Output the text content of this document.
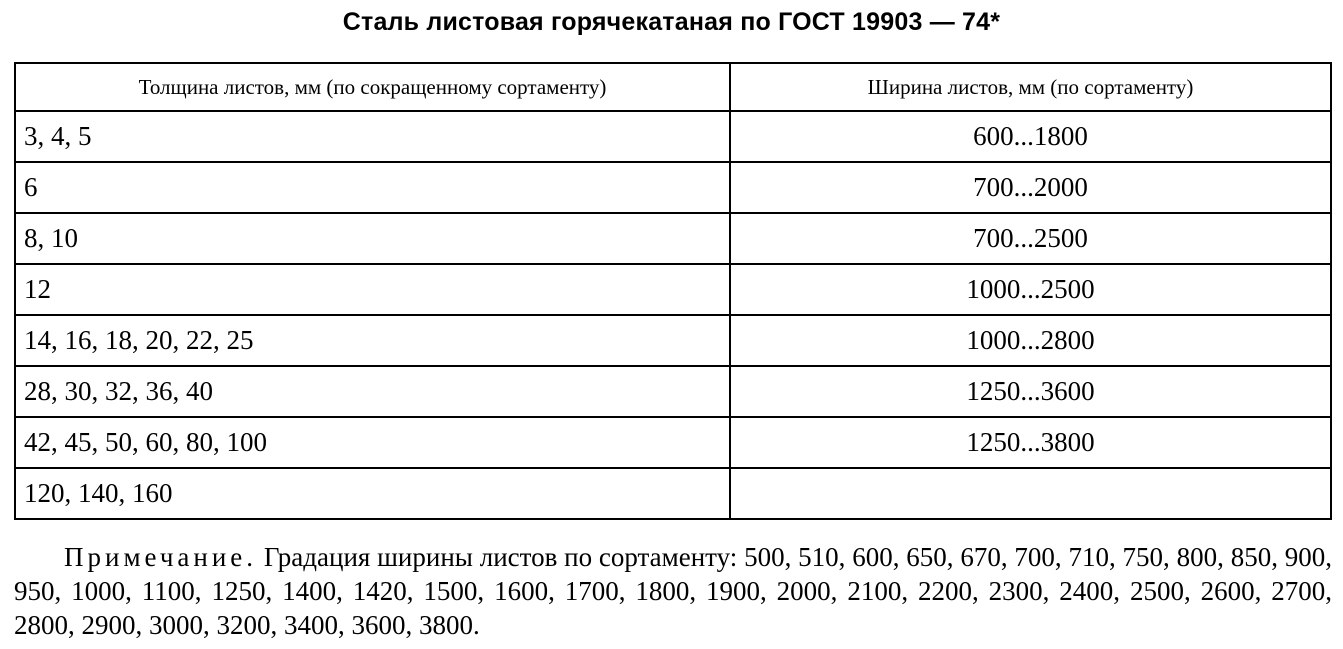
Сталь листовая горячекатаная по ГОСТ 19903 — 74*
Толщина листов, мм (по сокращенному сортаменту)	Ширина листов, мм (по сортаменту)
3, 4, 5	600...1800
6	700...2000
8, 10	700...2500
12	1000...2500
14, 16, 18, 20, 22, 25	1000...2800
28, 30, 32, 36, 40	1250...3600
42, 45, 50, 60, 80, 100	1250...3800
120, 140, 160	
Примечание. Градация ширины листов по сортаменту: 500, 510, 600, 650, 670, 700, 710, 750, 800, 850, 900, 950, 1000, 1100, 1250, 1400, 1420, 1500, 1600, 1700, 1800, 1900, 2000, 2100, 2200, 2300, 2400, 2500, 2600, 2700, 2800, 2900, 3000, 3200, 3400, 3600, 3800.
